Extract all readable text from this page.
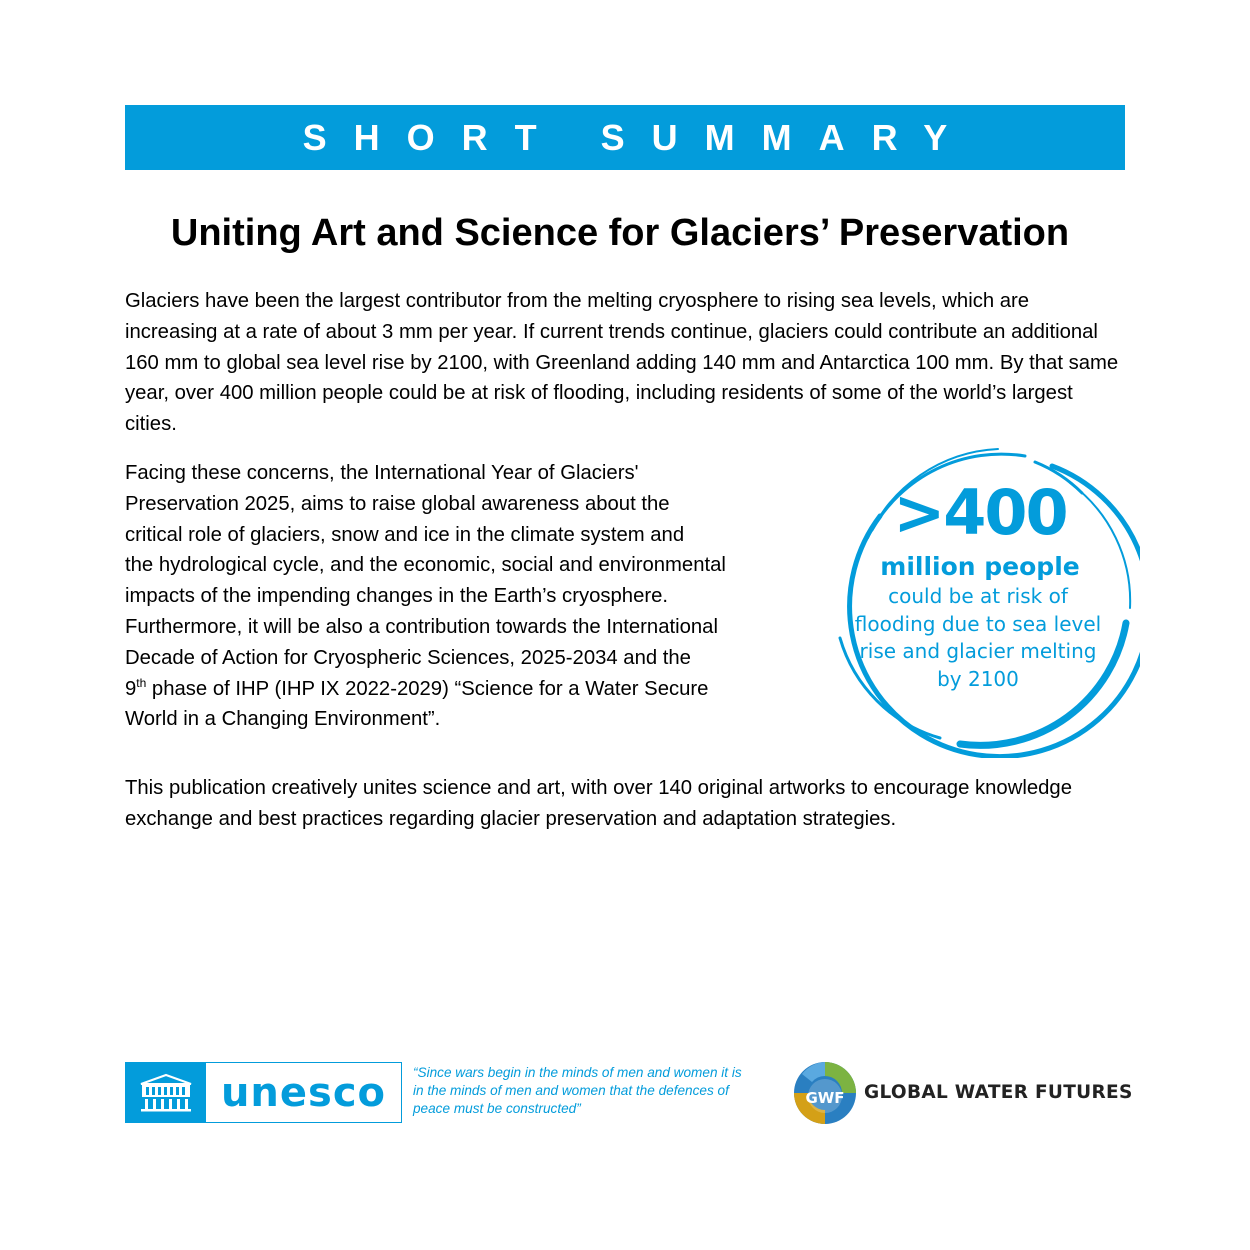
SHORT SUMMARY
Uniting Art and Science for Glaciers’ Preservation

Glaciers have been the largest contributor from the melting cryosphere to rising sea levels, which are increasing at a rate of about 3 mm per year. If current trends continue, glaciers could contribute an additional 160 mm to global sea level rise by 2100, with Greenland adding 140 mm and Antarctica 100 mm. By that same year, over 400 million people could be at risk of flooding, including residents of some of the world’s largest cities.

Facing these concerns, the International Year of Glaciers'
Preservation 2025, aims to raise global awareness about the
critical role of glaciers, snow and ice in the climate system and
the hydrological cycle, and the economic, social and environmental
impacts of the impending changes in the Earth’s cryosphere.
Furthermore, it will be also a contribution towards the International
Decade of Action for Cryospheric Sciences, 2025-2034 and the
9th phase of IHP (IHP IX 2022-2029) “Science for a Water Secure
World in a Changing Environment”.

>400
million people
could be at risk of flooding due to sea level rise and glacier melting by 2100

This publication creatively unites science and art, with over 140 original artworks to encourage knowledge exchange and best practices regarding glacier preservation and adaptation strategies.

unesco	“Since wars begin in the minds of men and women it is in the minds of men and women that the defences of peace must be constructed”

GWF GLOBAL WATER FUTURES
